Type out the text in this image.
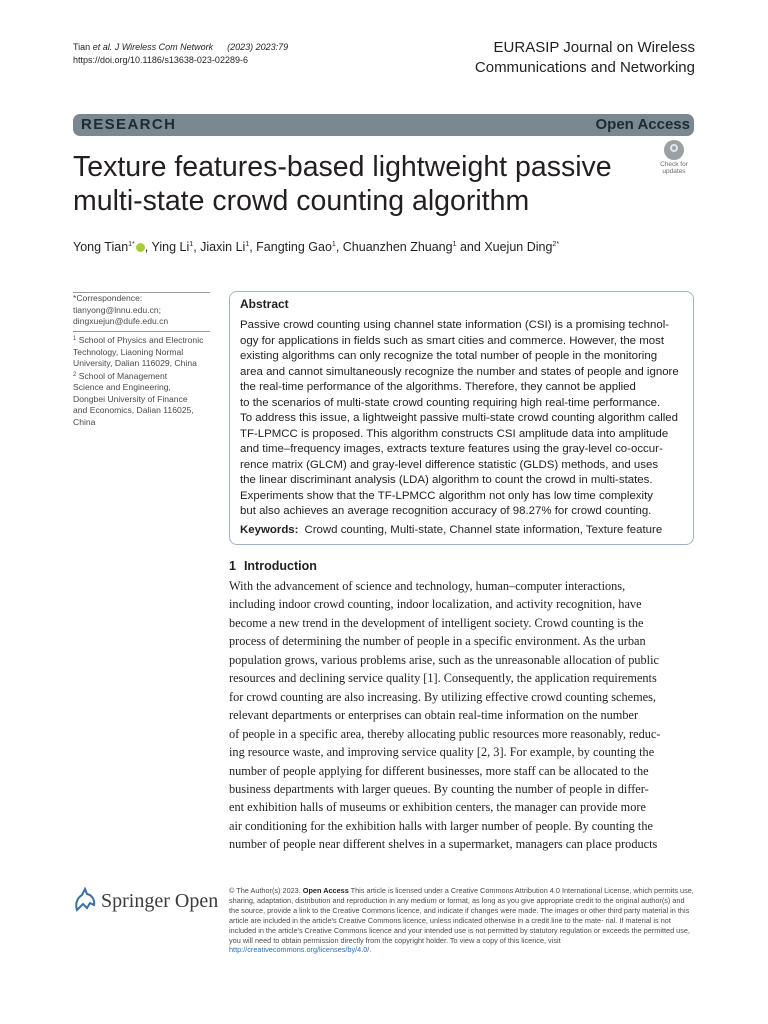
Tian et al. J Wireless Com Network (2023) 2023:79
https://doi.org/10.1186/s13638-023-02289-6
EURASIP Journal on Wireless
Communications and Networking
RESEARCH	Open Access
Texture features-based lightweight passive
multi-state crowd counting algorithm
Check for
updates
Yong Tian$^{1*}$ , Ying Li$^1$, Jiaxin Li$^1$, Fangting Gao$^1$, Chuanzhen Zhuang$^1$ and Xuejun Ding$^{2*}$
*Correspondence:
tianyong@lnnu.edu.cn;
dingxuejun@dufe.edu.cn
$^1$ School of Physics and Electronic
Technology, Liaoning Normal
University, Dalian 116029, China
$^2$ School of Management
Science and Engineering,
Dongbei University of Finance
and Economics, Dalian 116025,
China
Abstract
Passive crowd counting using channel state information (CSI) is a promising technol-
ogy for applications in fields such as smart cities and commerce. However, the most
existing algorithms can only recognize the total number of people in the monitoring
area and cannot simultaneously recognize the number and states of people and ignore
the real-time performance of the algorithms. Therefore, they cannot be applied
to the scenarios of multi-state crowd counting requiring high real-time performance.
To address this issue, a lightweight passive multi-state crowd counting algorithm called
TF-LPMCC is proposed. This algorithm constructs CSI amplitude data into amplitude
and time–frequency images, extracts texture features using the gray-level co-occur-
rence matrix (GLCM) and gray-level difference statistic (GLDS) methods, and uses
the linear discriminant analysis (LDA) algorithm to count the crowd in multi-states.
Experiments show that the TF-LPMCC algorithm not only has low time complexity
but also achieves an average recognition accuracy of 98.27% for crowd counting.
Keywords: Crowd counting, Multi-state, Channel state information, Texture feature
1 Introduction
With the advancement of science and technology, human–computer interactions,
including indoor crowd counting, indoor localization, and activity recognition, have
become a new trend in the development of intelligent society. Crowd counting is the
process of determining the number of people in a specific environment. As the urban
population grows, various problems arise, such as the unreasonable allocation of public
resources and declining service quality [1]. Consequently, the application requirements
for crowd counting are also increasing. By utilizing effective crowd counting schemes,
relevant departments or enterprises can obtain real-time information on the number
of people in a specific area, thereby allocating public resources more reasonably, reduc-
ing resource waste, and improving service quality [2, 3]. For example, by counting the
number of people applying for different businesses, more staff can be allocated to the
business departments with larger queues. By counting the number of people in differ-
ent exhibition halls of museums or exhibition centers, the manager can provide more
air conditioning for the exhibition halls with larger number of people. By counting the
number of people near different shelves in a supermarket, managers can place products
Springer Open © The Author(s) 2023. Open Access This article is licensed under a Creative Commons Attribution 4.0 International License, which permits use, sharing, adaptation, distribution and reproduction in any medium or format, as long as you give appropriate credit to the original author(s) and the source, provide a link to the Creative Commons licence, and indicate if changes were made. The images or other third party material in this article are included in the article's Creative Commons licence, unless indicated otherwise in a credit line to the mate- rial. If material is not included in the article's Creative Commons licence and your intended use is not permitted by statutory regulation or exceeds the permitted use, you will need to obtain permission directly from the copyright holder. To view a copy of this licence, visit http://creativecommons.org/licenses/by/4.0/.
